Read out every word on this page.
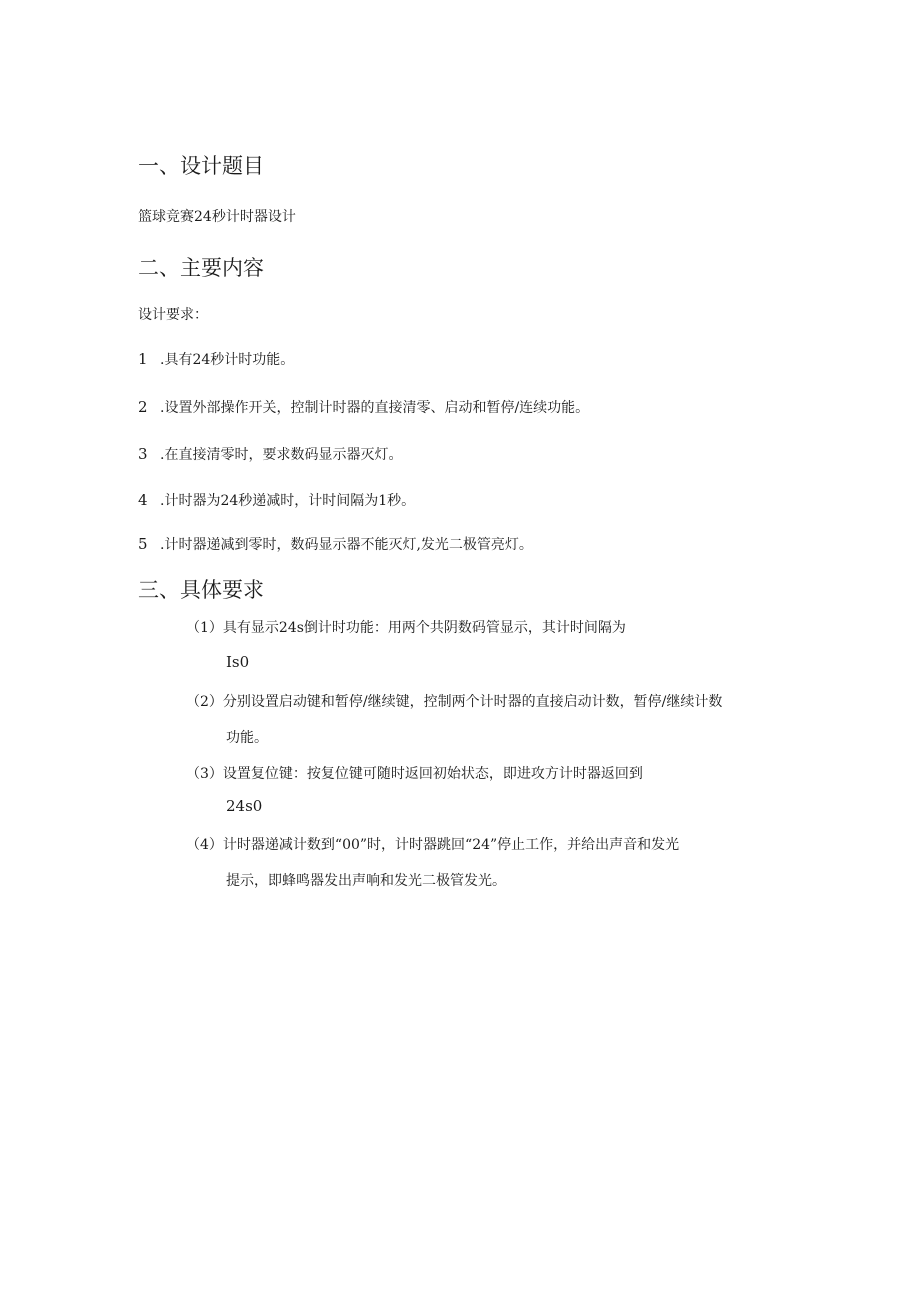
一、设计题目
篮球竞赛24秒计时器设计
二、主要内容
设计要求：
1 .具有24秒计时功能。
2 .设置外部操作开关，控制计时器的直接清零、启动和暂停/连续功能。
3 .在直接清零时，要求数码显示器灭灯。
4 .计时器为24秒递减时，计时间隔为1秒。
5 .计时器递减到零时，数码显示器不能灭灯,发光二极管亮灯。
三、具体要求
（1）具有显示24s倒计时功能：用两个共阴数码管显示，其计时间隔为
Is0
（2）分别设置启动键和暂停/继续键，控制两个计时器的直接启动计数，暂停/继续计数
功能。
（3）设置复位键：按复位键可随时返回初始状态，即进攻方计时器返回到
24s0
（4）计时器递减计数到“00”时，计时器跳回“24”停止工作，并给出声音和发光
提示，即蜂鸣器发出声响和发光二极管发光。
